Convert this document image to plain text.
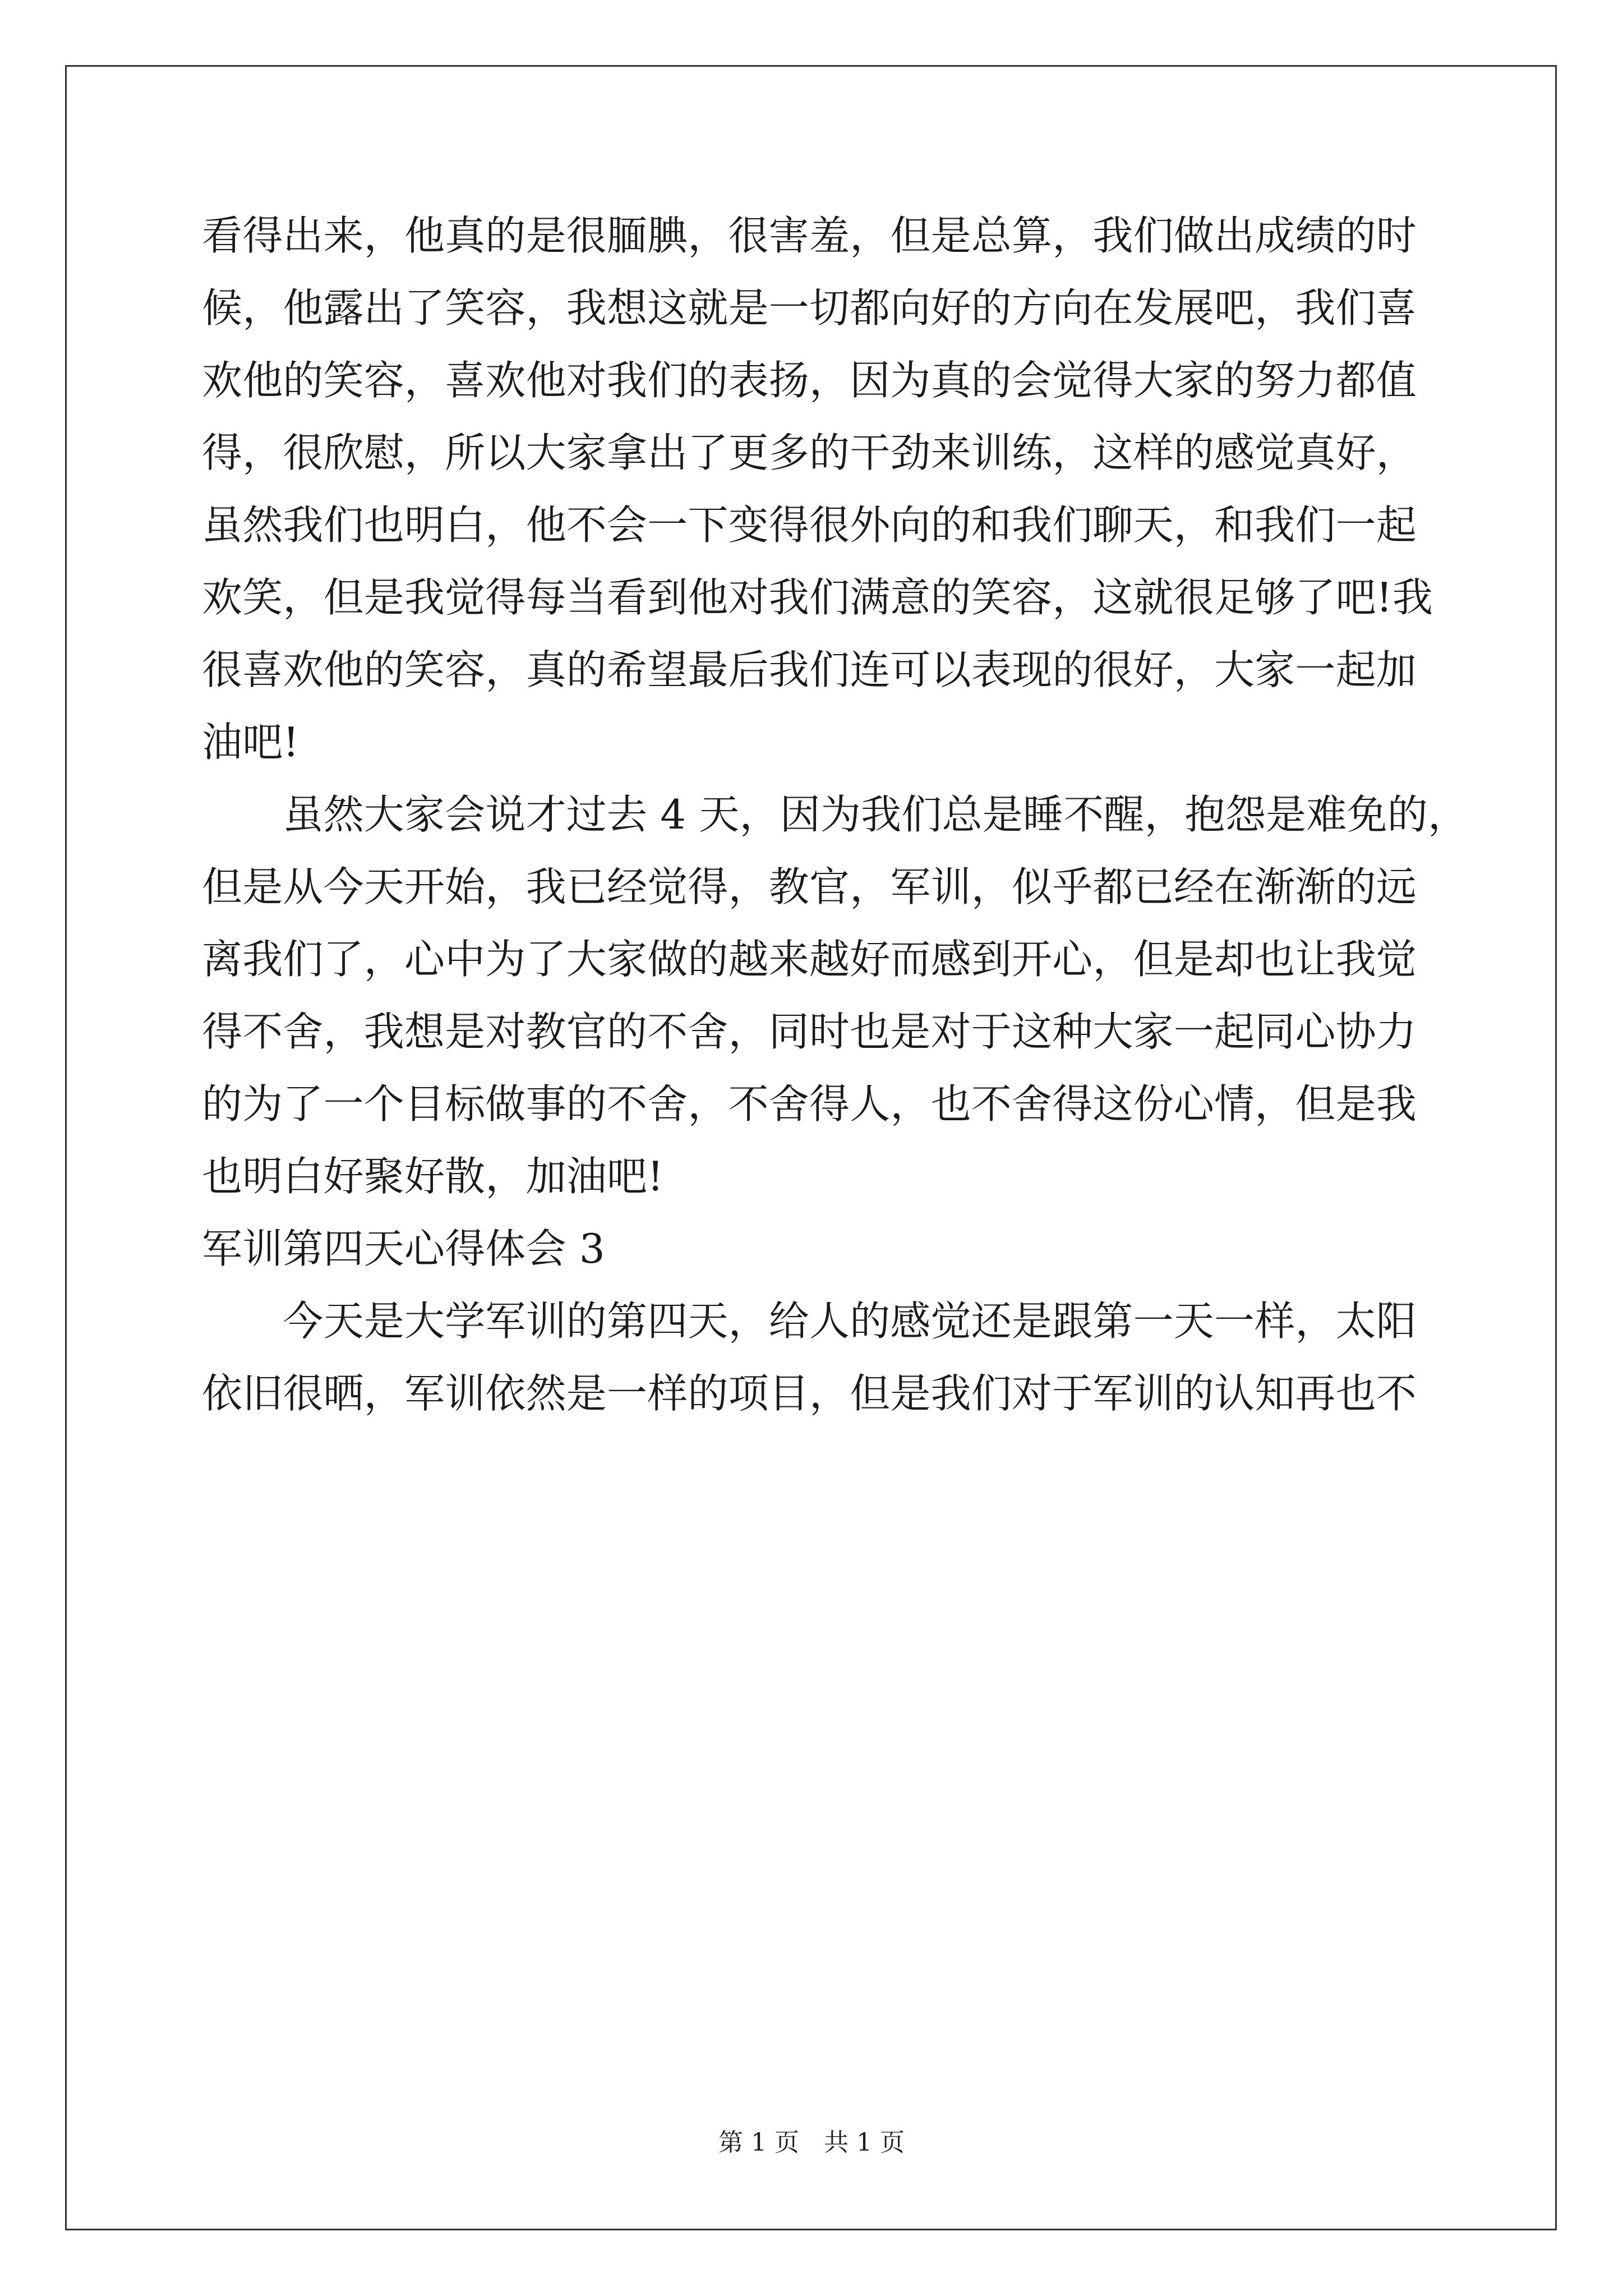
看得出来，他真的是很腼腆，很害羞，但是总算，我们做出成绩的时
候，他露出了笑容，我想这就是一切都向好的方向在发展吧，我们喜
欢他的笑容，喜欢他对我们的表扬，因为真的会觉得大家的努力都值
得，很欣慰，所以大家拿出了更多的干劲来训练，这样的感觉真好，
虽然我们也明白，他不会一下变得很外向的和我们聊天，和我们一起
欢笑，但是我觉得每当看到他对我们满意的笑容，这就很足够了吧!我
很喜欢他的笑容，真的希望最后我们连可以表现的很好，大家一起加
油吧!
　　虽然大家会说才过去 4 天，因为我们总是睡不醒，抱怨是难免的，
但是从今天开始，我已经觉得，教官，军训，似乎都已经在渐渐的远
离我们了，心中为了大家做的越来越好而感到开心，但是却也让我觉
得不舍，我想是对教官的不舍，同时也是对于这种大家一起同心协力
的为了一个目标做事的不舍，不舍得人，也不舍得这份心情，但是我
也明白好聚好散，加油吧!
军训第四天心得体会 3
　　今天是大学军训的第四天，给人的感觉还是跟第一天一样，太阳
依旧很晒，军训依然是一样的项目，但是我们对于军训的认知再也不
第 1 页　共 1 页
